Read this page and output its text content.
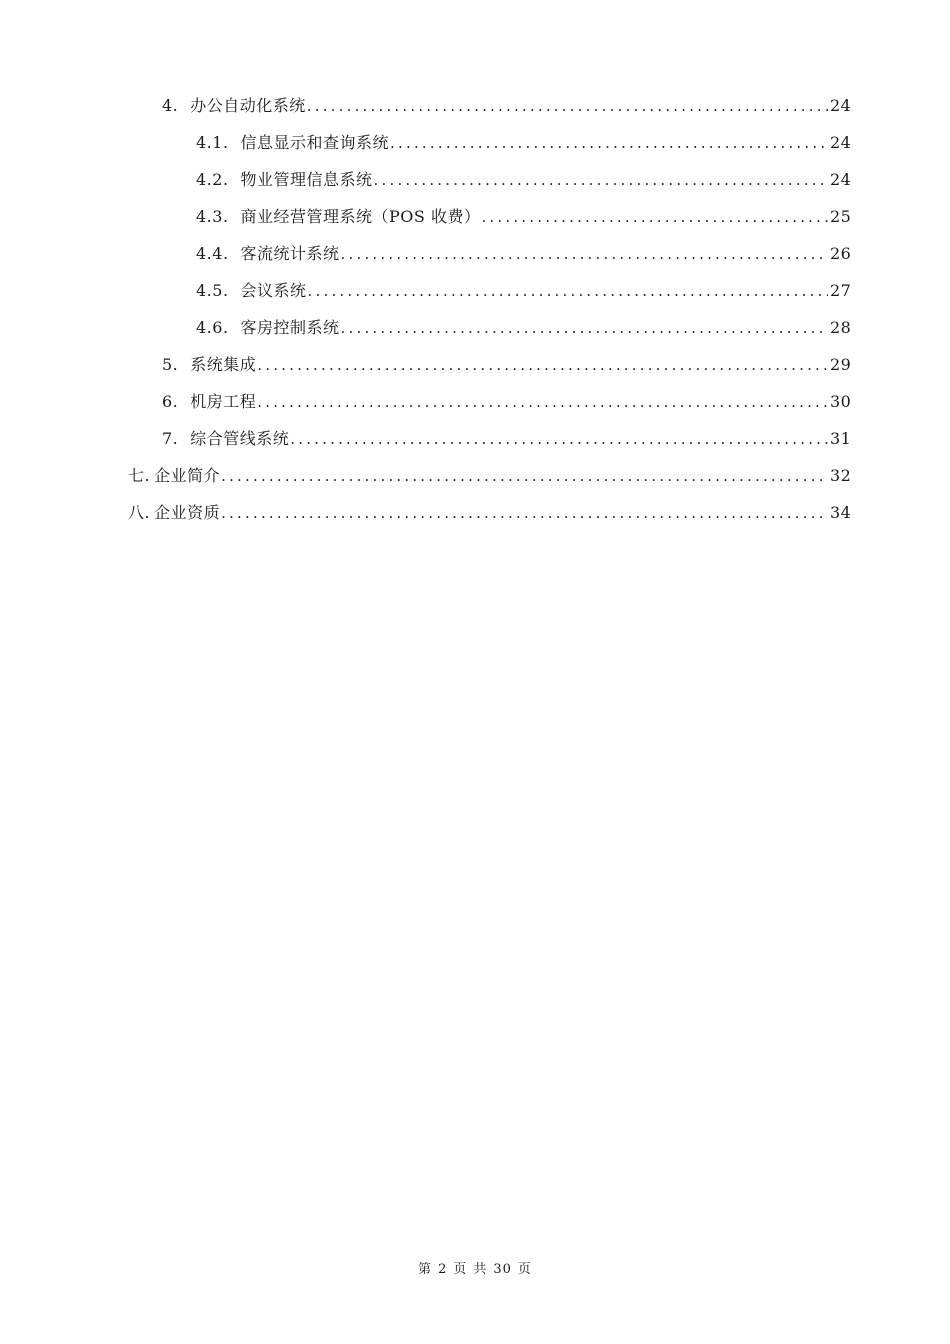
4. 办公自动化系统 .....	24
4.1. 信息显示和查询系统 .....	24
4.2. 物业管理信息系统 .....	24
4.3. 商业经营管理系统（POS 收费） .....	25
4.4. 客流统计系统 .....	26
4.5. 会议系统 .....	27
4.6. 客房控制系统 .....	28
5. 系统集成 .....	29
6. 机房工程 .....	30
7. 综合管线系统 .....	31
七. 企业简介 .....	32
八. 企业资质 .....	34
第 2 页 共 30 页
